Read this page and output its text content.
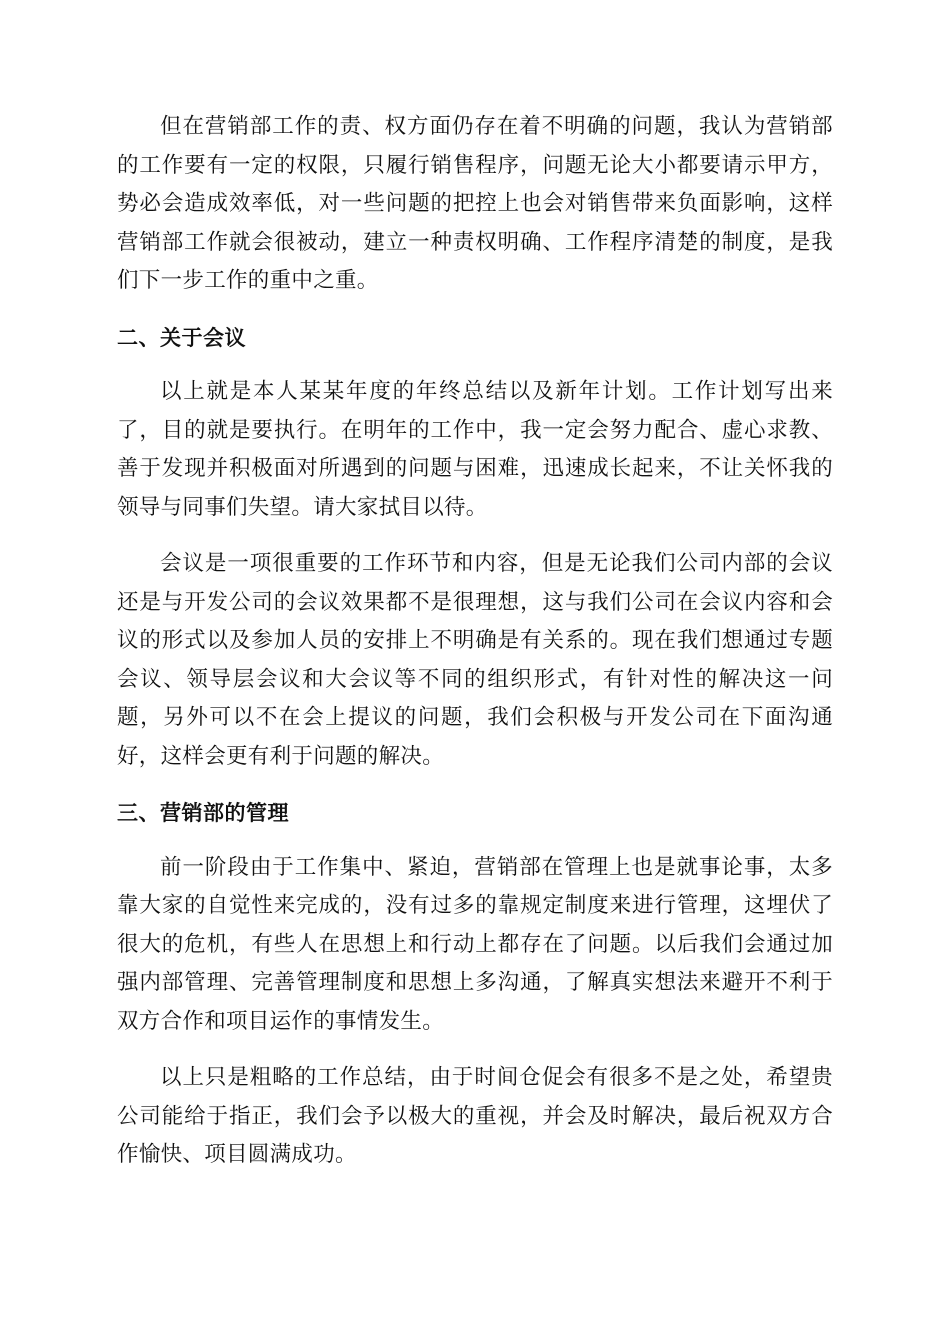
但在营销部工作的责、权方面仍存在着不明确的问题，我认为营销部的工作要有一定的权限，只履行销售程序，问题无论大小都要请示甲方，势必会造成效率低，对一些问题的把控上也会对销售带来负面影响，这样营销部工作就会很被动，建立一种责权明确、工作程序清楚的制度，是我们下一步工作的重中之重。

二、关于会议

以上就是本人某某年度的年终总结以及新年计划。工作计划写出来了，目的就是要执行。在明年的工作中，我一定会努力配合、虚心求教、善于发现并积极面对所遇到的问题与困难，迅速成长起来，不让关怀我的领导与同事们失望。请大家拭目以待。

会议是一项很重要的工作环节和内容，但是无论我们公司内部的会议还是与开发公司的会议效果都不是很理想，这与我们公司在会议内容和会议的形式以及参加人员的安排上不明确是有关系的。现在我们想通过专题会议、领导层会议和大会议等不同的组织形式，有针对性的解决这一问题，另外可以不在会上提议的问题，我们会积极与开发公司在下面沟通好，这样会更有利于问题的解决。

三、营销部的管理

前一阶段由于工作集中、紧迫，营销部在管理上也是就事论事，太多靠大家的自觉性来完成的，没有过多的靠规定制度来进行管理，这埋伏了很大的危机，有些人在思想上和行动上都存在了问题。以后我们会通过加强内部管理、完善管理制度和思想上多沟通，了解真实想法来避开不利于双方合作和项目运作的事情发生。

以上只是粗略的工作总结，由于时间仓促会有很多不是之处，希望贵公司能给于指正，我们会予以极大的重视，并会及时解决，最后祝双方合作愉快、项目圆满成功。
